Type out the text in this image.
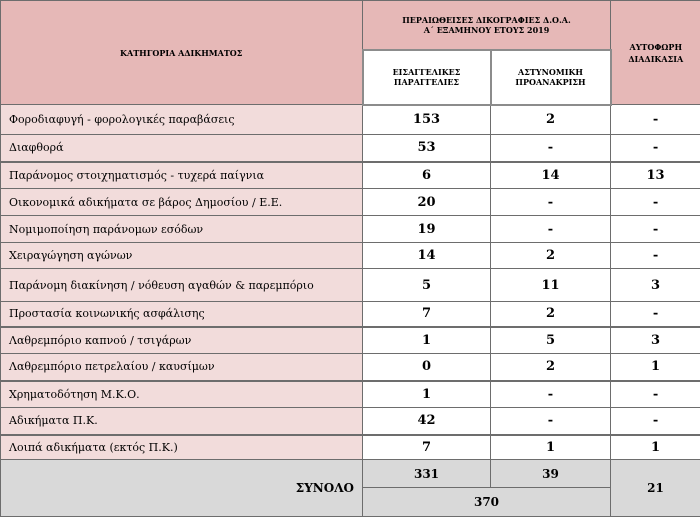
ΚΑΤΗΓΟΡΙΑ ΑΔΙΚΗΜΑΤΟΣ	ΠΕΡΑΙΩΘΕΙΣΕΣ ΔΙΚΟΓΡΑΦΙΕΣ Δ.Ο.Α.
Α΄ ΕΞΑΜΗΝΟΥ ΕΤΟΥΣ 2019		ΑΥΤΟΦΩΡΗ ΔΙΑΔΙΚΑΣΙΑ

	ΕΙΣΑΓΓΕΛΙΚΕΣ ΠΑΡΑΓΓΕΛΙΕΣ	ΑΣΤΥΝΟΜΙΚΗ ΠΡΟΑΝΑΚΡΙΣΗ	
Φοροδιαφυγή - φορολογικές παραβάσεις	153	2	-
Διαφθορά	53	-	-
Παράνομος στοιχηματισμός - τυχερά παίγνια	6	14	13
Οικονομικά αδικήματα σε βάρος Δημοσίου / Ε.Ε.	20	-	-
Νομιμοποίηση παράνομων εσόδων	19	-	-
Χειραγώγηση αγώνων	14	2	-
Παράνομη διακίνηση / νόθευση αγαθών & παρεμπόριο	5	11	3
Προστασία κοινωνικής ασφάλισης	7	2	-
Λαθρεμπόριο καπνού / τσιγάρων	1	5	3
Λαθρεμπόριο πετρελαίου / καυσίμων	0	2	1
Χρηματοδότηση Μ.Κ.Ο.	1	-	-
Αδικήματα Π.Κ.	42	-	-
Λοιπά αδικήματα (εκτός Π.Κ.)	7	1	1
ΣΥΝΟΛΟ	331	39	21
	370		
